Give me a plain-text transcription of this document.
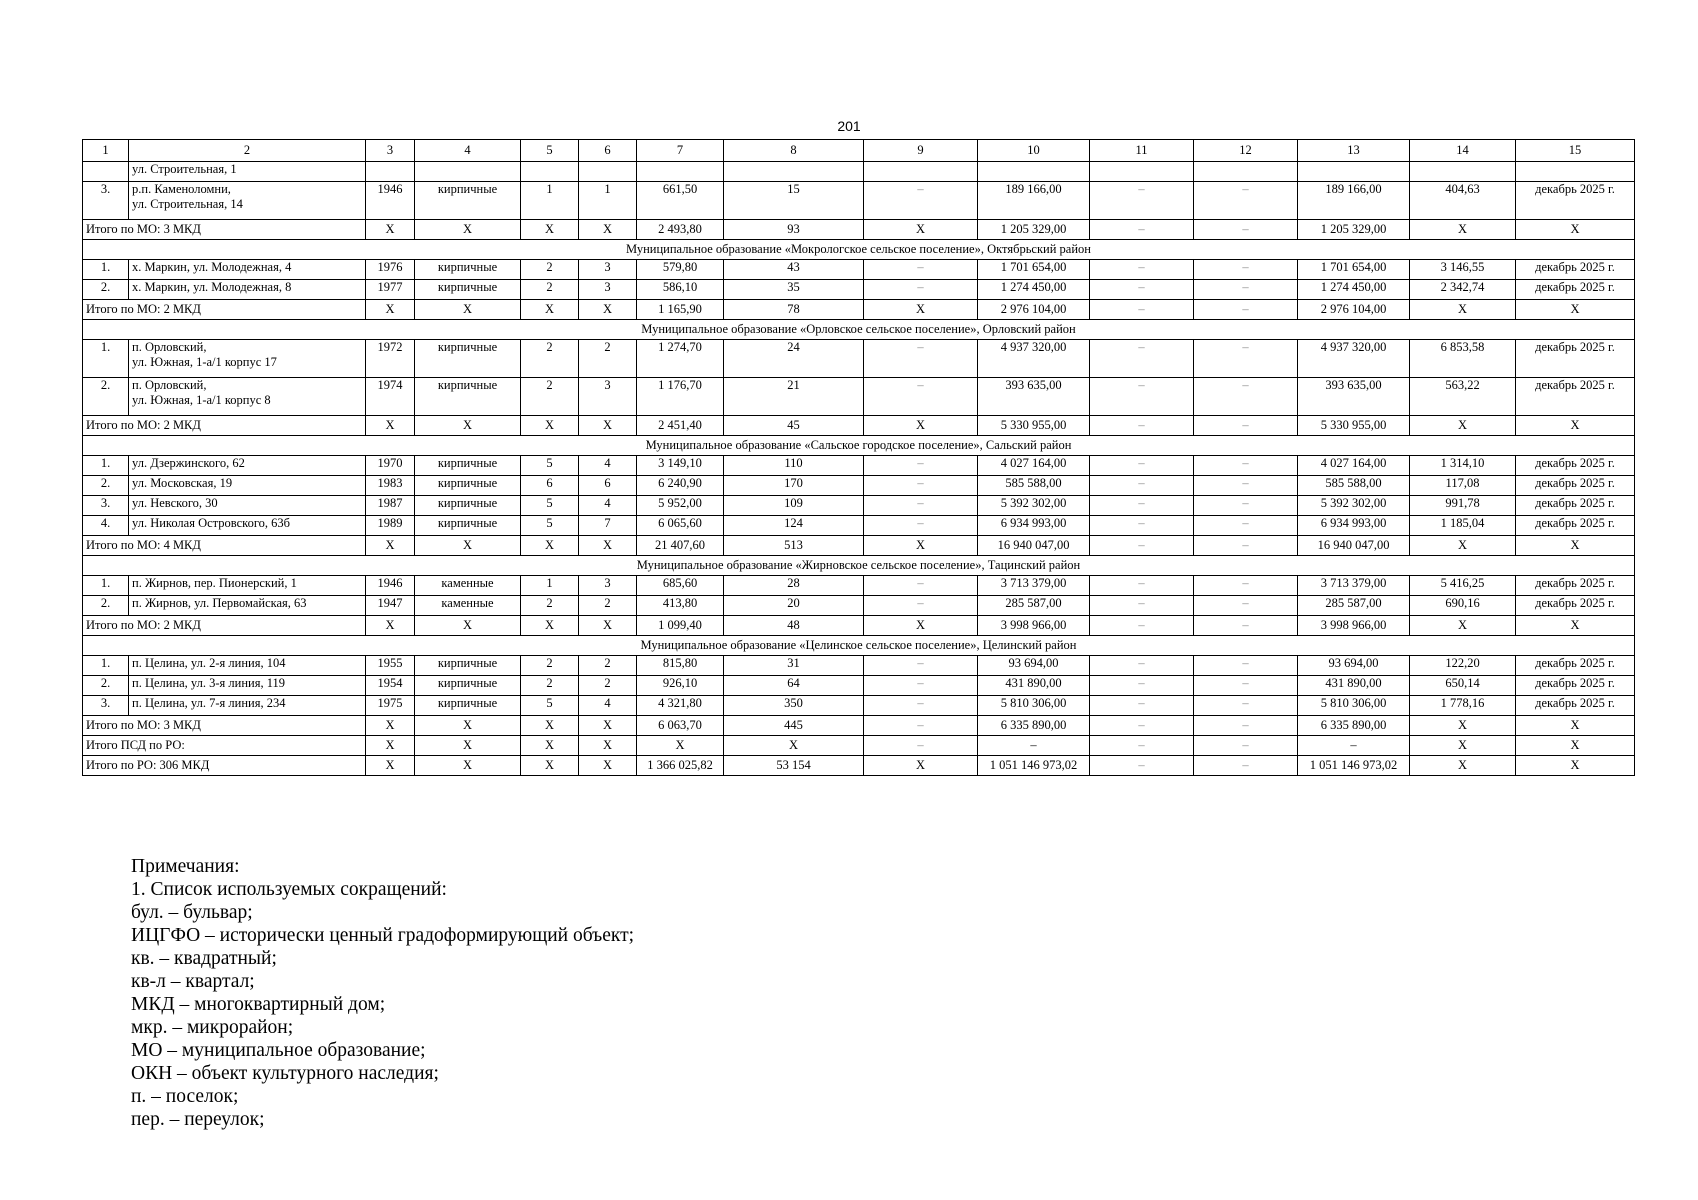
201
1	2	3	4	5	6	7	8	9	10	11	12	13	14	15
	ул. Строительная, 1													
3.	р.п. Каменоломни,
ул. Строительная, 14	1946	кирпичные	1	1	661,50	15	–	189 166,00	–	–	189 166,00	404,63	декабрь 2025 г.
Итого по МО: 3 МКД		X	X	X	X	2 493,80	93	X	1 205 329,00	–	–	1 205 329,00	X	X
Муниципальное образование «Мокрологское сельское поселение», Октябрьский район														
1.	х. Маркин, ул. Молодежная, 4	1976	кирпичные	2	3	579,80	43	–	1 701 654,00	–	–	1 701 654,00	3 146,55	декабрь 2025 г.
2.	х. Маркин, ул. Молодежная, 8	1977	кирпичные	2	3	586,10	35	–	1 274 450,00	–	–	1 274 450,00	2 342,74	декабрь 2025 г.
Итого по МО: 2 МКД		X	X	X	X	1 165,90	78	X	2 976 104,00	–	–	2 976 104,00	X	X
Муниципальное образование «Орловское сельское поселение», Орловский район														
1.	п. Орловский,
ул. Южная, 1-а/1 корпус 17	1972	кирпичные	2	2	1 274,70	24	–	4 937 320,00	–	–	4 937 320,00	6 853,58	декабрь 2025 г.
2.	п. Орловский,
ул. Южная, 1-а/1 корпус 8	1974	кирпичные	2	3	1 176,70	21	–	393 635,00	–	–	393 635,00	563,22	декабрь 2025 г.
Итого по МО: 2 МКД		X	X	X	X	2 451,40	45	X	5 330 955,00	–	–	5 330 955,00	X	X
Муниципальное образование «Сальское городское поселение», Сальский район														
1.	ул. Дзержинского, 62	1970	кирпичные	5	4	3 149,10	110	–	4 027 164,00	–	–	4 027 164,00	1 314,10	декабрь 2025 г.
2.	ул. Московская, 19	1983	кирпичные	6	6	6 240,90	170	–	585 588,00	–	–	585 588,00	117,08	декабрь 2025 г.
3.	ул. Невского, 30	1987	кирпичные	5	4	5 952,00	109	–	5 392 302,00	–	–	5 392 302,00	991,78	декабрь 2025 г.
4.	ул. Николая Островского, 63б	1989	кирпичные	5	7	6 065,60	124	–	6 934 993,00	–	–	6 934 993,00	1 185,04	декабрь 2025 г.
Итого по МО: 4 МКД		X	X	X	X	21 407,60	513	X	16 940 047,00	–	–	16 940 047,00	X	X
Муниципальное образование «Жирновское сельское поселение», Тацинский район														
1.	п. Жирнов, пер. Пионерский, 1	1946	каменные	1	3	685,60	28	–	3 713 379,00	–	–	3 713 379,00	5 416,25	декабрь 2025 г.
2.	п. Жирнов, ул. Первомайская, 63	1947	каменные	2	2	413,80	20	–	285 587,00	–	–	285 587,00	690,16	декабрь 2025 г.
Итого по МО: 2 МКД		X	X	X	X	1 099,40	48	X	3 998 966,00	–	–	3 998 966,00	X	X
Муниципальное образование «Целинское сельское поселение», Целинский район														
1.	п. Целина, ул. 2-я линия, 104	1955	кирпичные	2	2	815,80	31	–	93 694,00	–	–	93 694,00	122,20	декабрь 2025 г.
2.	п. Целина, ул. 3-я линия, 119	1954	кирпичные	2	2	926,10	64	–	431 890,00	–	–	431 890,00	650,14	декабрь 2025 г.
3.	п. Целина, ул. 7-я линия, 234	1975	кирпичные	5	4	4 321,80	350	–	5 810 306,00	–	–	5 810 306,00	1 778,16	декабрь 2025 г.
Итого по МО: 3 МКД		X	X	X	X	6 063,70	445	–	6 335 890,00	–	–	6 335 890,00	X	X
Итого ПСД по РО:		X	X	X	X	X	X	–	–	–	–	–	X	X
Итого по РО: 306 МКД		X	X	X	X	1 366 025,82	53 154	X	1 051 146 973,02	–	–	1 051 146 973,02	X	X
Примечания:
1. Список используемых сокращений:
бул. – бульвар;
ИЦГФО – исторически ценный градоформирующий объект;
кв. – квадратный;
кв-л – квартал;
МКД – многоквартирный дом;
мкр. – микрорайон;
МО – муниципальное образование;
ОКН – объект культурного наследия;
п. – поселок;
пер. – переулок;
